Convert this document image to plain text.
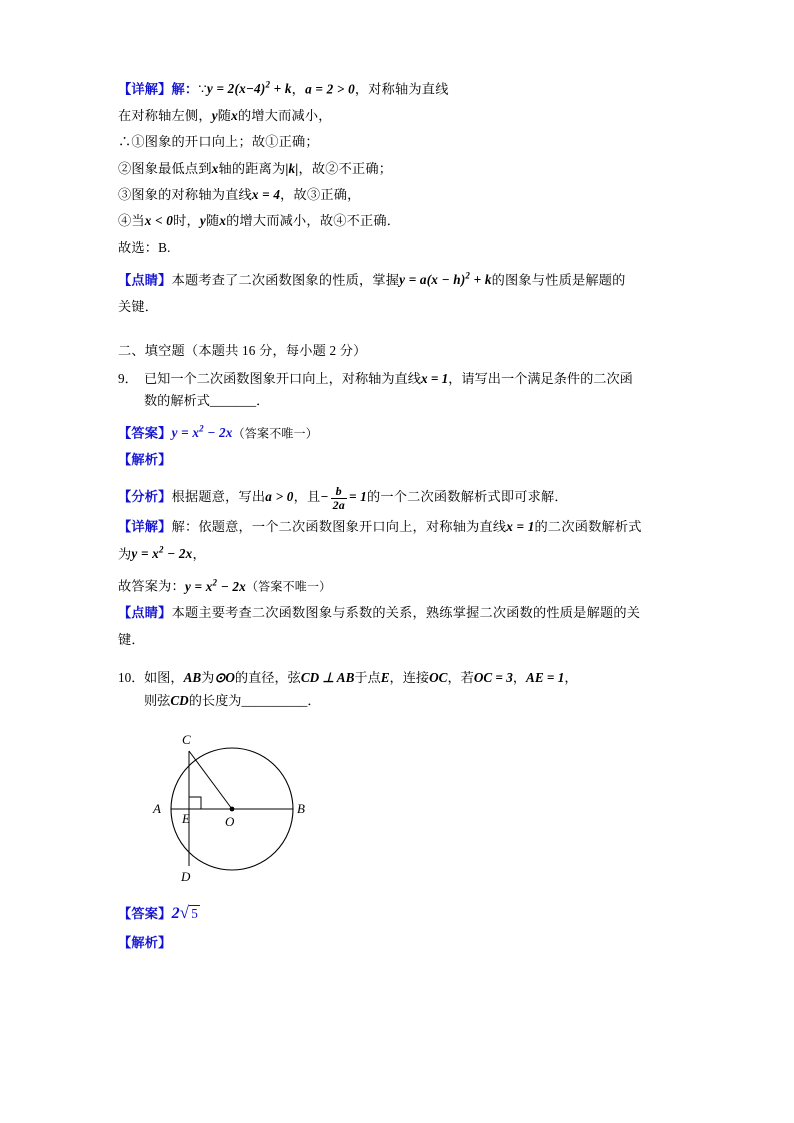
【详解】解：∵y = $2(x-4)^2 + k$，a = 2 > 0，对称轴为直线

在对称轴左侧，y随x的增大而减小，

∴①图象的开口向上；故①正确；

②图象最低点到x轴的距离为|k|，故②不正确；

③图象的对称轴为直线x = 4，故③正确，

④当x < 0时，y随x的增大而减小，故④不正确．

故选：B.

【点睛】本题考查了二次函数图象的性质，掌握$y = a(x - h)^2 + k$的图象与性质是解题的

关键．

二、填空题（本题共 16 分，每小题 2 分）

9． 已知一个二次函数图象开口向上，对称轴为直线x = 1，请写出一个满足条件的二次函
数的解析式_______．

【答案】$y = x^2 - 2x$（答案不唯一）

【解析】

【分析】根据题意，写出a > 0，且− $\frac{b}{2a} = 1$的一个二次函数解析式即可求解．

【详解】解：依题意，一个二次函数图象开口向上，对称轴为直线x = 1的二次函数解析式

为$y = x^2 - 2x$，

故答案为：$y = x^2 - 2x$（答案不唯一）

【点睛】本题主要考查二次函数图象与系数的关系，熟练掌握二次函数的性质是解题的关

键．

10． 如图，AB为⊙O的直径，弦CD ⊥ AB于点E，连接OC，若OC = 3，AE = 1，
则弦CD的长度为__________．
C
A
E	O
B
D

【答案】2√ 5

【解析】
